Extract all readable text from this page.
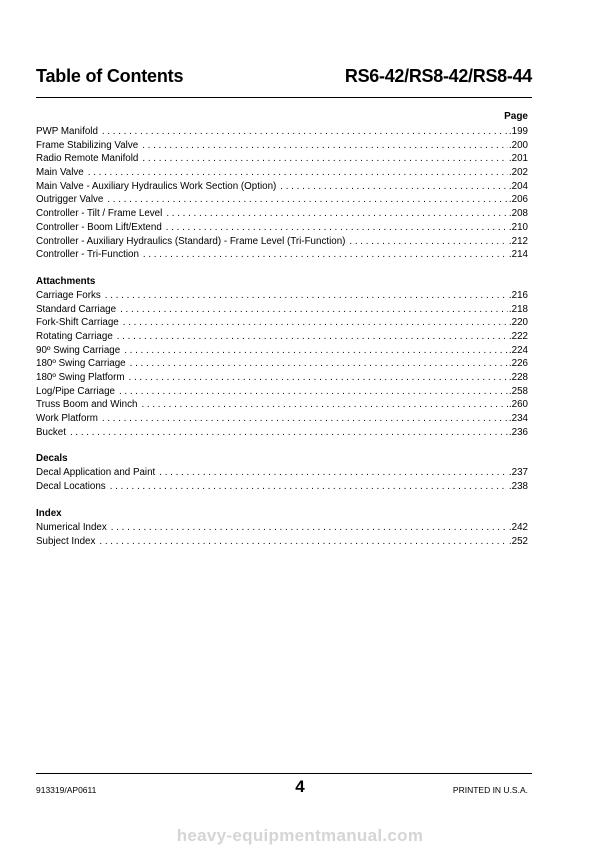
Table of Contents	RS6-42/RS8-42/RS8-44
Page
PWP Manifold . . .	.199
Frame Stabilizing Valve . . .	.200
Radio Remote Manifold . . .	.201
Main Valve . . .	.202
Main Valve - Auxiliary Hydraulics Work Section (Option) . . .	.204
Outrigger Valve . . .	.206
Controller - Tilt / Frame Level . . .	.208
Controller - Boom Lift/Extend . . .	.210
Controller - Auxiliary Hydraulics (Standard) - Frame Level (Tri-Function) . . .	.212
Controller - Tri-Function . . .	.214
Attachments
Carriage Forks . . .	.216
Standard Carriage . . .	.218
Fork-Shift Carriage . . .	.220
Rotating Carriage . . .	.222
90º Swing Carriage . . .	.224
180º Swing Carriage . . .	.226
180º Swing Platform . . .	.228
Log/Pipe Carriage . . .	.258
Truss Boom and Winch . . .	.260
Work Platform . . .	.234
Bucket . . .	.236
Decals
Decal Application and Paint . . .	.237
Decal Locations . . .	.238
Index
Numerical Index . . .	.242
Subject Index . . .	.252
913319/AP0611	4	PRINTED IN U.S.A.
heavy-equipmentmanual.com
